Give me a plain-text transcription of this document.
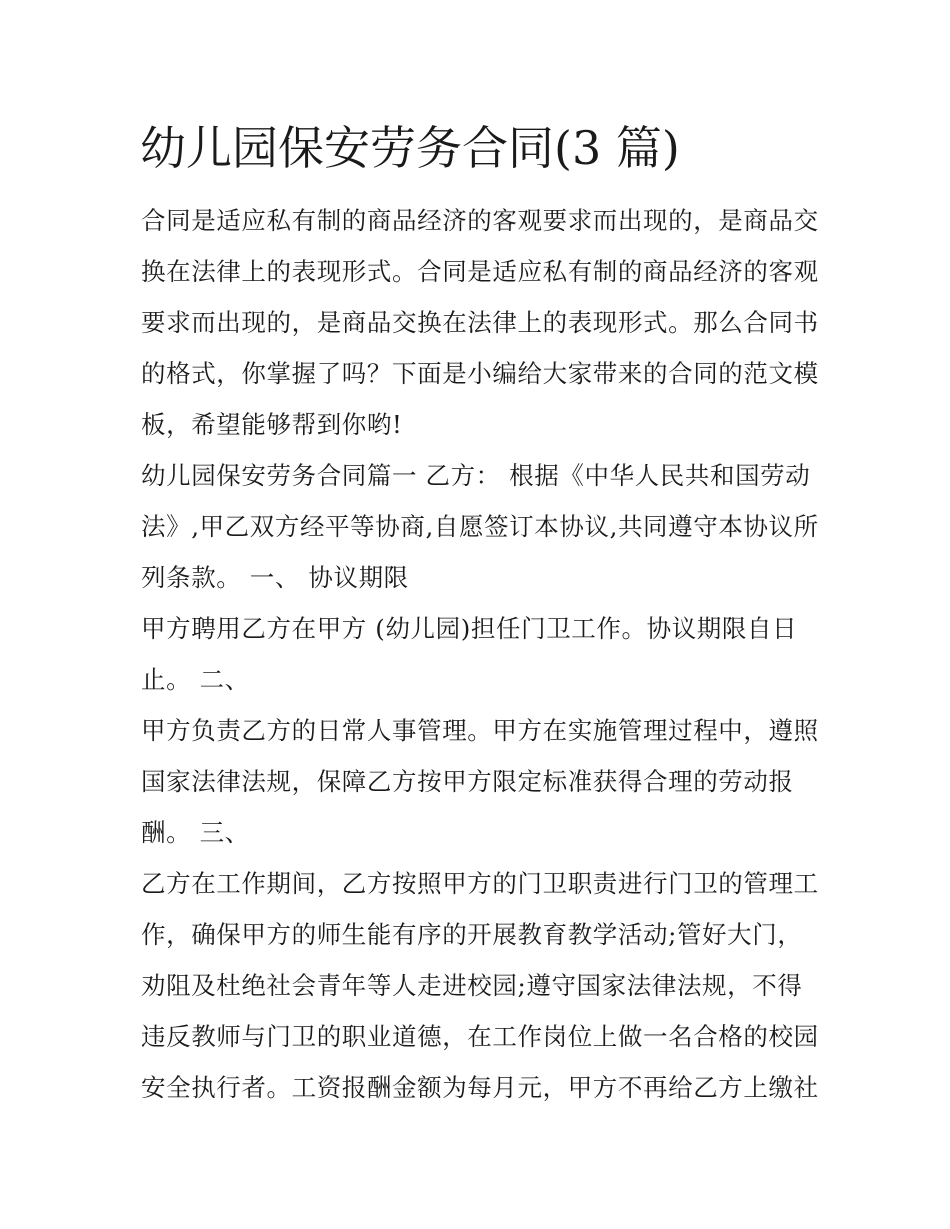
幼儿园保安劳务合同(3 篇)

合同是适应私有制的商品经济的客观要求而出现的，是商品交

换在法律上的表现形式。合同是适应私有制的商品经济的客观

要求而出现的，是商品交换在法律上的表现形式。那么合同书

的格式，你掌握了吗？下面是小编给大家带来的合同的范文模

板，希望能够帮到你哟!

幼儿园保安劳务合同篇一 乙方： 根据《中华人民共和国劳动

法》,甲乙双方经平等协商,自愿签订本协议,共同遵守本协议所

列条款。 一、 协议期限

甲方聘用乙方在甲方 (幼儿园)担任门卫工作。协议期限自日

止。 二、

甲方负责乙方的日常人事管理。甲方在实施管理过程中，遵照

国家法律法规，保障乙方按甲方限定标准获得合理的劳动报

酬。 三、

乙方在工作期间，乙方按照甲方的门卫职责进行门卫的管理工

作，确保甲方的师生能有序的开展教育教学活动;管好大门，

劝阻及杜绝社会青年等人走进校园;遵守国家法律法规，不得

违反教师与门卫的职业道德，在工作岗位上做一名合格的校园

安全执行者。工资报酬金额为每月元，甲方不再给乙方上缴社
